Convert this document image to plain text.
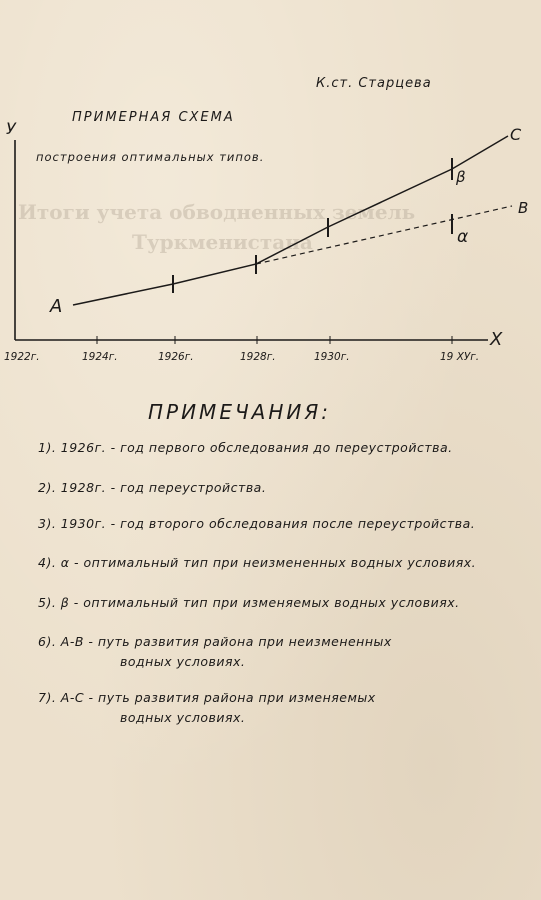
Итоги учета обводненных земель
Туркменистана
К.ст. Старцева
ПРИМЕРНАЯ СХЕМА
построения оптимальных типов.
У
Х
1922г.	1924г.	1926г.	1928г.	1930г.	19 ХУг.
А
В
С
β
α
ПРИМЕЧАНИЯ:
1). 1926г. - год первого обследования до переустройства.
2). 1928г. - год переустройства.
3). 1930г. - год второго обследования после переустройства.
4). α - оптимальный тип при неизмененных водных условиях.
5). β - оптимальный тип при изменяемых водных условиях.
6). А-В - путь развития района при неизмененных
водных условиях.
7). А-С - путь развития района при изменяемых
водных условиях.
